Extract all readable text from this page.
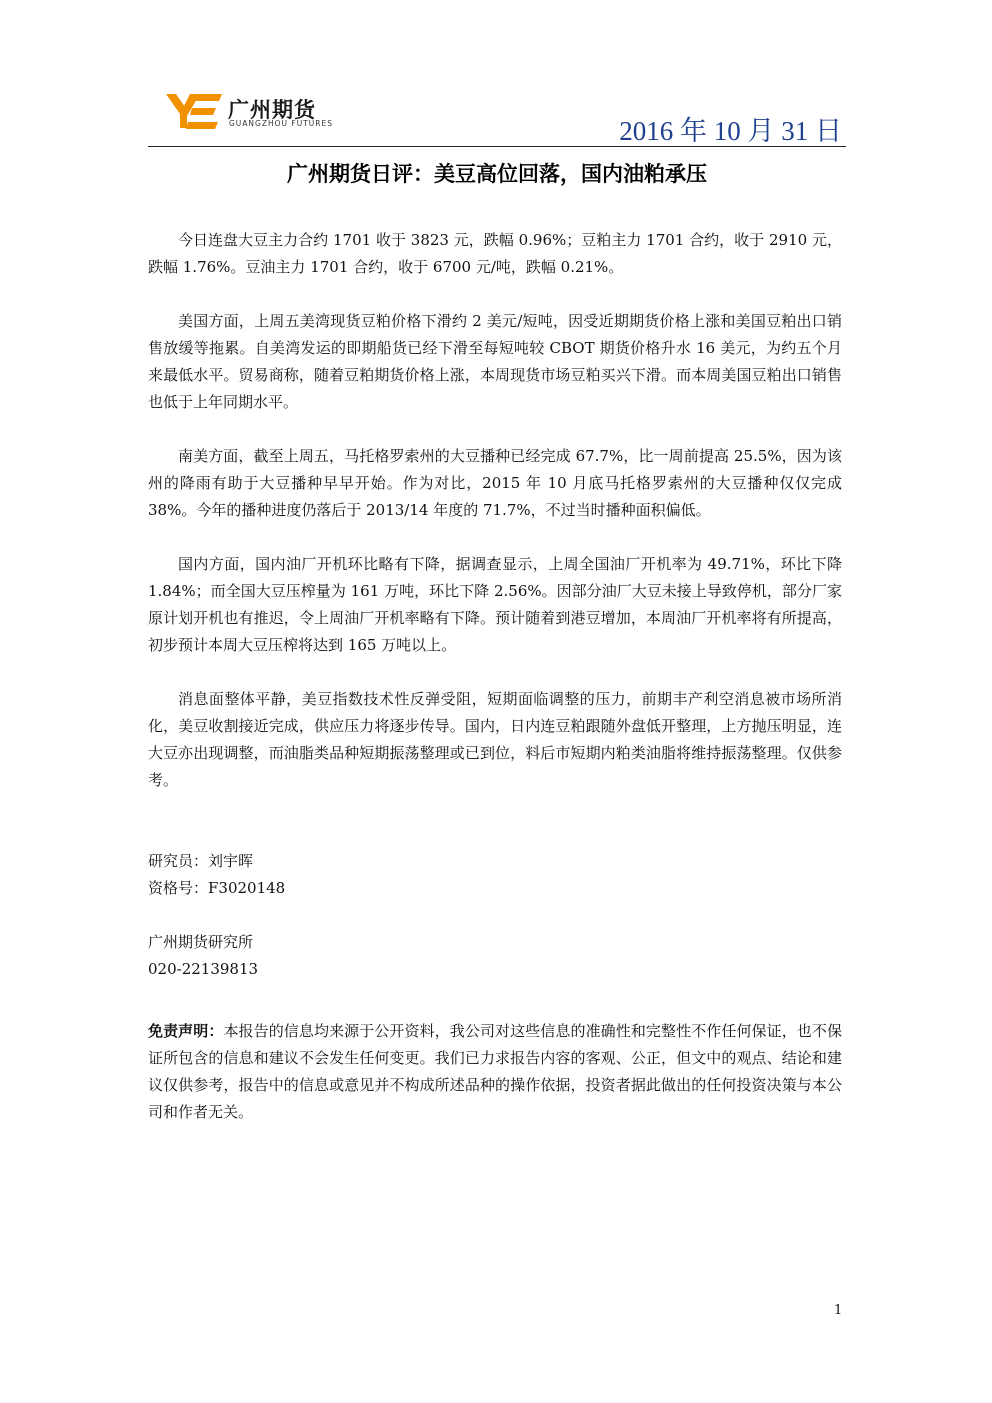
广州期货
GUANGZHOU FUTURES	2016 年 10 月 31 日
广州期货日评：美豆高位回落，国内油粕承压

今日连盘大豆主力合约 1701 收于 3823 元，跌幅 0.96%；豆粕主力 1701 合约，收于 2910 元，跌幅 1.76%。豆油主力 1701 合约，收于 6700 元/吨，跌幅 0.21%。

美国方面，上周五美湾现货豆粕价格下滑约 2 美元/短吨，因受近期期货价格上涨和美国豆粕出口销售放缓等拖累。自美湾发运的即期船货已经下滑至每短吨较 CBOT 期货价格升水 16 美元，为约五个月来最低水平。贸易商称，随着豆粕期货价格上涨，本周现货市场豆粕买兴下滑。而本周美国豆粕出口销售也低于上年同期水平。

南美方面，截至上周五，马托格罗索州的大豆播种已经完成 67.7%，比一周前提高 25.5%，因为该州的降雨有助于大豆播种早早开始。作为对比，2015 年 10 月底马托格罗索州的大豆播种仅仅完成 38%。今年的播种进度仍落后于 2013/14 年度的 71.7%，不过当时播种面积偏低。

国内方面，国内油厂开机环比略有下降，据调查显示，上周全国油厂开机率为 49.71%，环比下降 1.84%；而全国大豆压榨量为 161 万吨，环比下降 2.56%。因部分油厂大豆未接上导致停机，部分厂家原计划开机也有推迟，令上周油厂开机率略有下降。预计随着到港豆增加，本周油厂开机率将有所提高，初步预计本周大豆压榨将达到 165 万吨以上。

消息面整体平静，美豆指数技术性反弹受阻，短期面临调整的压力，前期丰产利空消息被市场所消化，美豆收割接近完成，供应压力将逐步传导。国内，日内连豆粕跟随外盘低开整理，上方抛压明显，连大豆亦出现调整，而油脂类品种短期振荡整理或已到位，料后市短期内粕类油脂将维持振荡整理。仅供参考。

研究员：刘宇晖

资格号：F3020148

广州期货研究所

020-22139813

免责声明：本报告的信息均来源于公开资料，我公司对这些信息的准确性和完整性不作任何保证，也不保证所包含的信息和建议不会发生任何变更。我们已力求报告内容的客观、公正，但文中的观点、结论和建议仅供参考，报告中的信息或意见并不构成所述品种的操作依据，投资者据此做出的任何投资决策与本公司和作者无关。

1
